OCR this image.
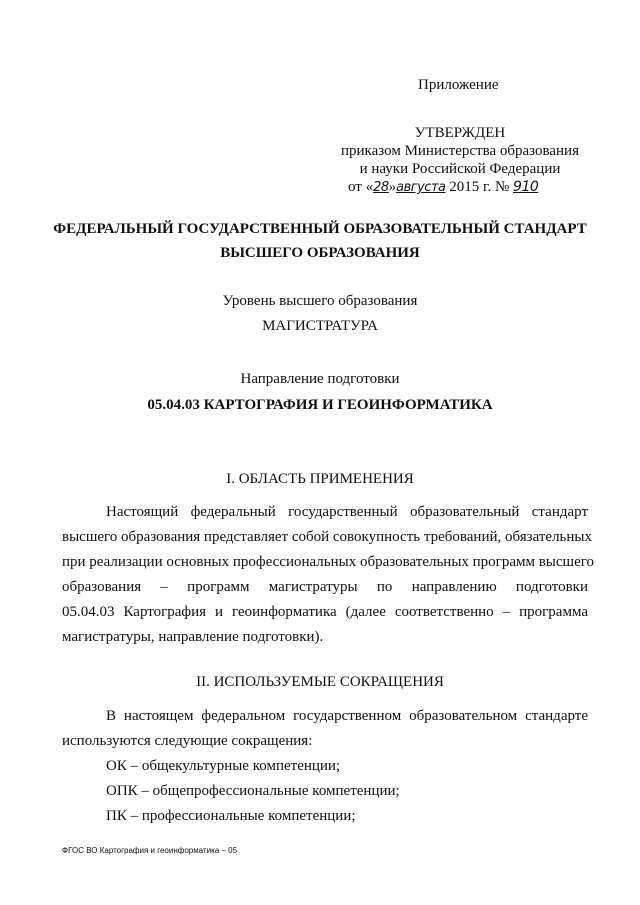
Приложение
УТВЕРЖДЕН
приказом Министерства образования
и науки Российской Федерации
от «28»августа 2015 г. № 910
ФЕДЕРАЛЬНЫЙ ГОСУДАРСТВЕННЫЙ ОБРАЗОВАТЕЛЬНЫЙ СТАНДАРТ
ВЫСШЕГО ОБРАЗОВАНИЯ
Уровень высшего образования
МАГИСТРАТУРА
Направление подготовки
05.04.03 КАРТОГРАФИЯ И ГЕОИНФОРМАТИКА
I. ОБЛАСТЬ ПРИМЕНЕНИЯ
Настоящий федеральный государственный образовательный стандарт
высшего образования представляет собой совокупность требований, обязательных
при реализации основных профессиональных образовательных программ высшего
образования – программ магистратуры по направлению подготовки
05.04.03 Картография и геоинформатика (далее соответственно – программа
магистратуры, направление подготовки).
II. ИСПОЛЬЗУЕМЫЕ СОКРАЩЕНИЯ
В настоящем федеральном государственном образовательном стандарте
используются следующие сокращения:
ОК – общекультурные компетенции;
ОПК – общепрофессиональные компетенции;
ПК – профессиональные компетенции;
ФГОС ВО Картография и геоинформатика – 05
